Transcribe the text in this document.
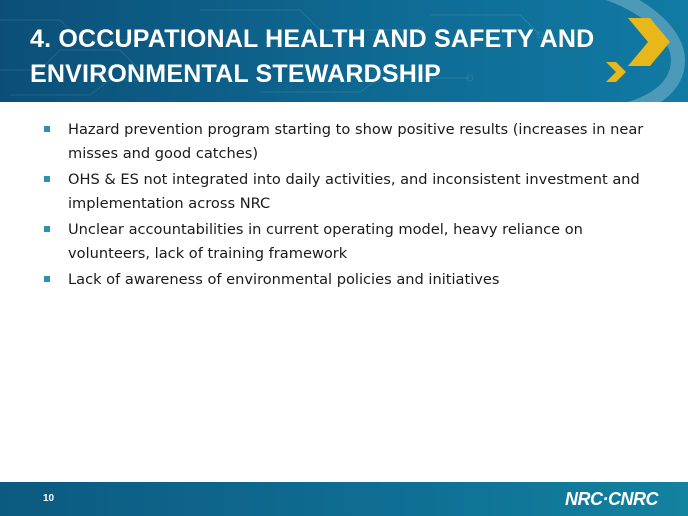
4. OCCUPATIONAL HEALTH AND SAFETY AND ENVIRONMENTAL STEWARDSHIP
Hazard prevention program starting to show positive results (increases in near misses and good catches)
OHS & ES not integrated into daily activities, and inconsistent investment and implementation across NRC
Unclear accountabilities in current operating model, heavy reliance on volunteers, lack of training framework
Lack of awareness of environmental policies and initiatives
10	NRC·CNRC
